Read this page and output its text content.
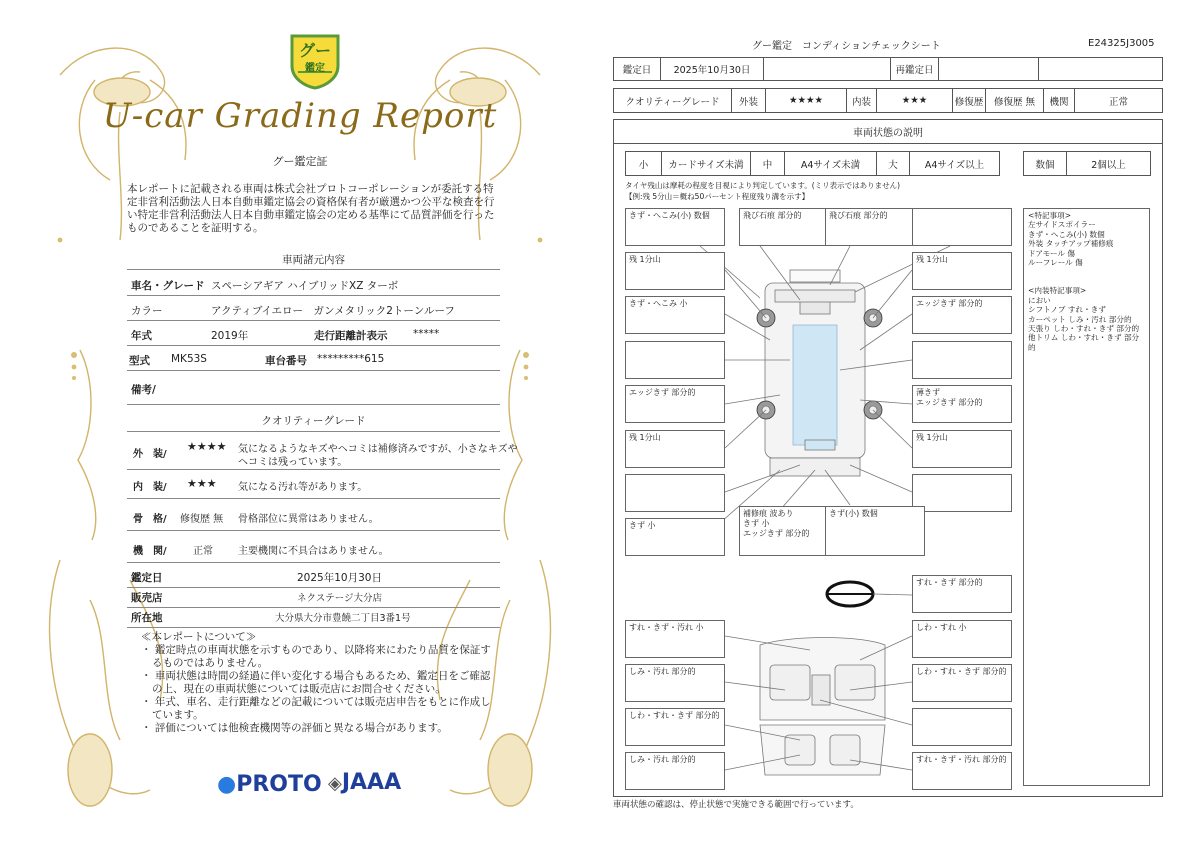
グー
鑑定
U-car Grading Report
グー鑑定証
本レポートに記載される車両は株式会社プロトコーポレーションが委託する特定非営利活動法人日本自動車鑑定協会の資格保有者が厳選かつ公平な検査を行い特定非営利活動法人日本自動車鑑定協会の定める基準にて品質評価を行ったものであることを証明する。
車両諸元内容
車名・グレード スペーシアギア ハイブリッドXZ ターボ
カラー	アクティブイエロー　ガンメタリック2トーンルーフ
年式	2019年	走行距離計表示 *****
型式 MK53S	車台番号 *********615
備考/
クオリティーグレード
外　装/
★★★★ 気になるようなキズやヘコミは補修済みですが、小さなキズや
ヘコミは残っています。
内　装/ ★★★ 気になる汚れ等があります。
骨　格/ 修復歴 無 骨格部位に異常はありません。
機　関/	正常	主要機関に不具合はありません。
鑑定日	2025年10月30日
販売店	ネクステージ大分店
所在地	大分県大分市豊饒二丁目3番1号
≪本レポートについて≫
・ 鑑定時点の車両状態を示すものであり、以降将来にわたり品質を保証するものではありません。
・ 車両状態は時間の経過に伴い変化する場合もあるため、鑑定日をご確認の上、現在の車両状態については販売店にお問合せください。
・ 年式、車名、走行距離などの記載については販売店申告をもとに作成しています。
・ 評価については他検査機関等の評価と異なる場合があります。
●PROTO ◈JAAA
グー鑑定　コンディションチェックシート	E24325J3005
鑑定日	2025年10月30日	再鑑定日
クオリティーグレード	外装	★★★★	内装	★★★	修復歴	修復歴 無	機関	正常
車両状態の説明
小	カードサイズ未満	中	A4サイズ未満	大	A4サイズ以上	数個	2個以上
タイヤ残山は摩耗の程度を目視により判定しています。(ミリ表示ではありません)
【例:残 5分山＝概ね50パーセント程度残り溝を示す】
きず・へこみ(小) 数個	飛び石痕 部分的	飛び石痕 部分的
残 1分山	残 1分山
きず・へこみ 小	エッジきず 部分的
エッジきず 部分的	薄きず
エッジきず 部分的
残 1分山	残 1分山
きず 小
補修痕 波あり
きず 小
エッジきず 部分的
きず(小) 数個
すれ・きず 部分的
すれ・きず・汚れ 小	しわ・すれ 小
しみ・汚れ 部分的	しわ・すれ・きず 部分的
しわ・すれ・きず 部分的
しみ・汚れ 部分的	すれ・きず・汚れ 部分的
<特記事項>
左サイドスポイラー
きず・へこみ(小) 数個
外装 タッチアップ補修痕
ドアモール 傷
ルーフレール 傷
<内装特記事項>
におい
シフトノブ すれ・きず
カーペット しみ・汚れ 部分的
天張り しわ・すれ・きず 部分的
他トリム しわ・すれ・きず 部分的
車両状態の確認は、停止状態で実施できる範囲で行っています。
